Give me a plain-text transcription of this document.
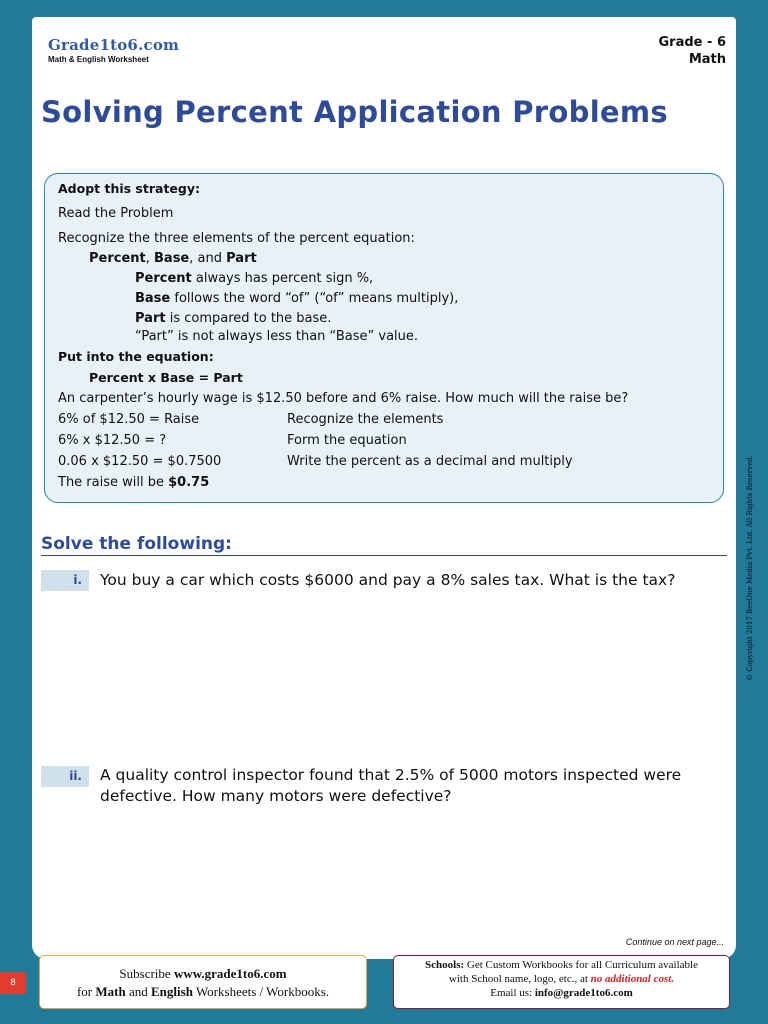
Grade1to6.com
Math & English Worksheet
Grade - 6
Math
Solving Percent Application Problems
Adopt this strategy:
Read the Problem
Recognize the three elements of the percent equation:
Percent, Base, and Part
Percent always has percent sign %,
Base follows the word “of” (“of” means multiply),
Part is compared to the base.
“Part” is not always less than “Base” value.
Put into the equation:
Percent x Base = Part
An carpenter’s hourly wage is $12.50 before and 6% raise. How much will the raise be?
6% of $12.50 = Raise	Recognize the elements
6% x $12.50 = ?	Form the equation
0.06 x $12.50 = $0.7500	Write the percent as a decimal and multiply
The raise will be $0.75
Solve the following:
i.	You buy a car which costs $6000 and pay a 8% sales tax. What is the tax?
ii.	A quality control inspector found that 2.5% of 5000 motors inspected were defective. How many motors were defective?
Continue on next page...
© Copyright 2017 BeeOne Media Pvt. Ltd. All Rights Reserved.
8
Subscribe www.grade1to6.com
for Math and English Worksheets / Workbooks.
Schools: Get Custom Workbooks for all Curriculum available
with School name, logo, etc., at no additional cost.
Email us: info@grade1to6.com
